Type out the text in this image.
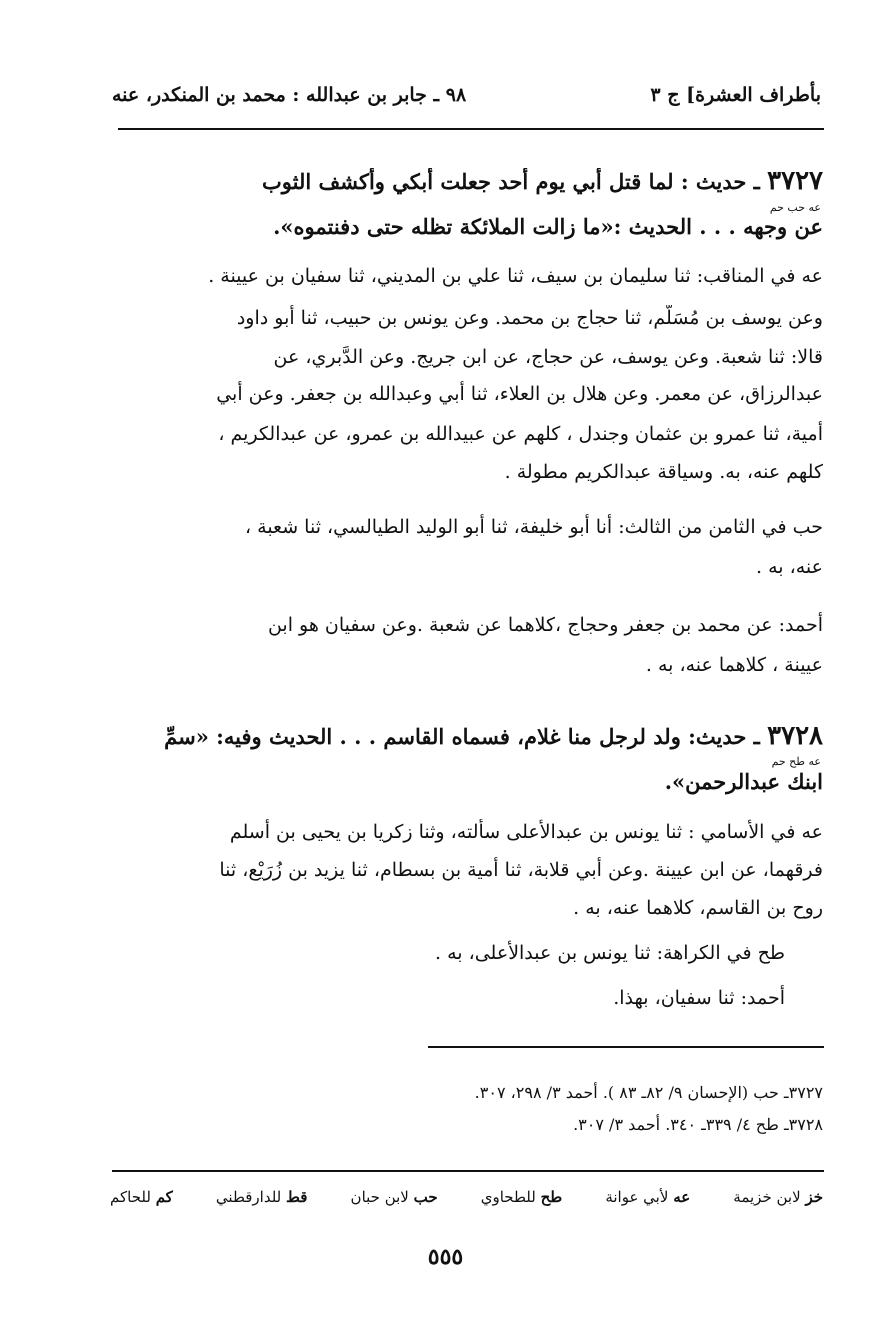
بأطراف العشرة] ج ٣
٩٨ ـ جابر بن عبدالله : محمد بن المنكدر، عنه
٣٧٢٧ ـ حديث : لما قتل أبي يوم أحد جعلت أبكي وأكشف الثوب
عه حب حم
عن وجهه . . . الحديث :«ما زالت الملائكة تظله حتى دفنتموه».
عه في المناقب: ثنا سليمان بن سيف، ثنا علي بن المديني، ثنا سفيان بن عيينة .
وعن يوسف بن مُسَلَّم، ثنا حجاج بن محمد. وعن يونس بن حبيب، ثنا أبو داود
قالا: ثنا شعبة. وعن يوسف، عن حجاج، عن ابن جريج. وعن الدَّبري، عن
عبدالرزاق، عن معمر. وعن هلال بن العلاء، ثنا أبي وعبدالله بن جعفر. وعن أبي
أمية، ثنا عمرو بن عثمان وجندل ، كلهم عن عبيدالله بن عمرو، عن عبدالكريم ،
كلهم عنه، به. وسياقة عبدالكريم مطولة .
حب في الثامن من الثالث: أنا أبو خليفة، ثنا أبو الوليد الطيالسي، ثنا شعبة ،
عنه، به .
أحمد: عن محمد بن جعفر وحجاج ،كلاهما عن شعبة .وعن سفيان هو ابن
عيينة ، كلاهما عنه، به .
٣٧٢٨ ـ حديث: ولد لرجل منا غلام، فسماه القاسم . . . الحديث وفيه: «سمِّ
عه طح حم
ابنك عبدالرحمن».
عه في الأسامي : ثنا يونس بن عبدالأعلى سألته، وثنا زكريا بن يحيى بن أسلم
فرقهما، عن ابن عيينة .وعن أبي قلابة، ثنا أمية بن بسطام، ثنا يزيد بن زُرَيْع، ثنا
روح بن القاسم، كلاهما عنه، به .
طح في الكراهة: ثنا يونس بن عبدالأعلى، به .
أحمد: ثنا سفيان، بهذا.
٣٧٢٧ـ حب (الإحسان ٩/ ٨٢ـ ٨٣ ). أحمد ٣/ ٢٩٨، ٣٠٧.
٣٧٢٨ـ طح ٤/ ٣٣٩ـ ٣٤٠. أحمد ٣/ ٣٠٧.
خز لابن خزيمة
عه لأبي عوانة
طح للطحاوي
حب لابن حبان
قط للدارقطني
كم للحاكم
٥٥٥
